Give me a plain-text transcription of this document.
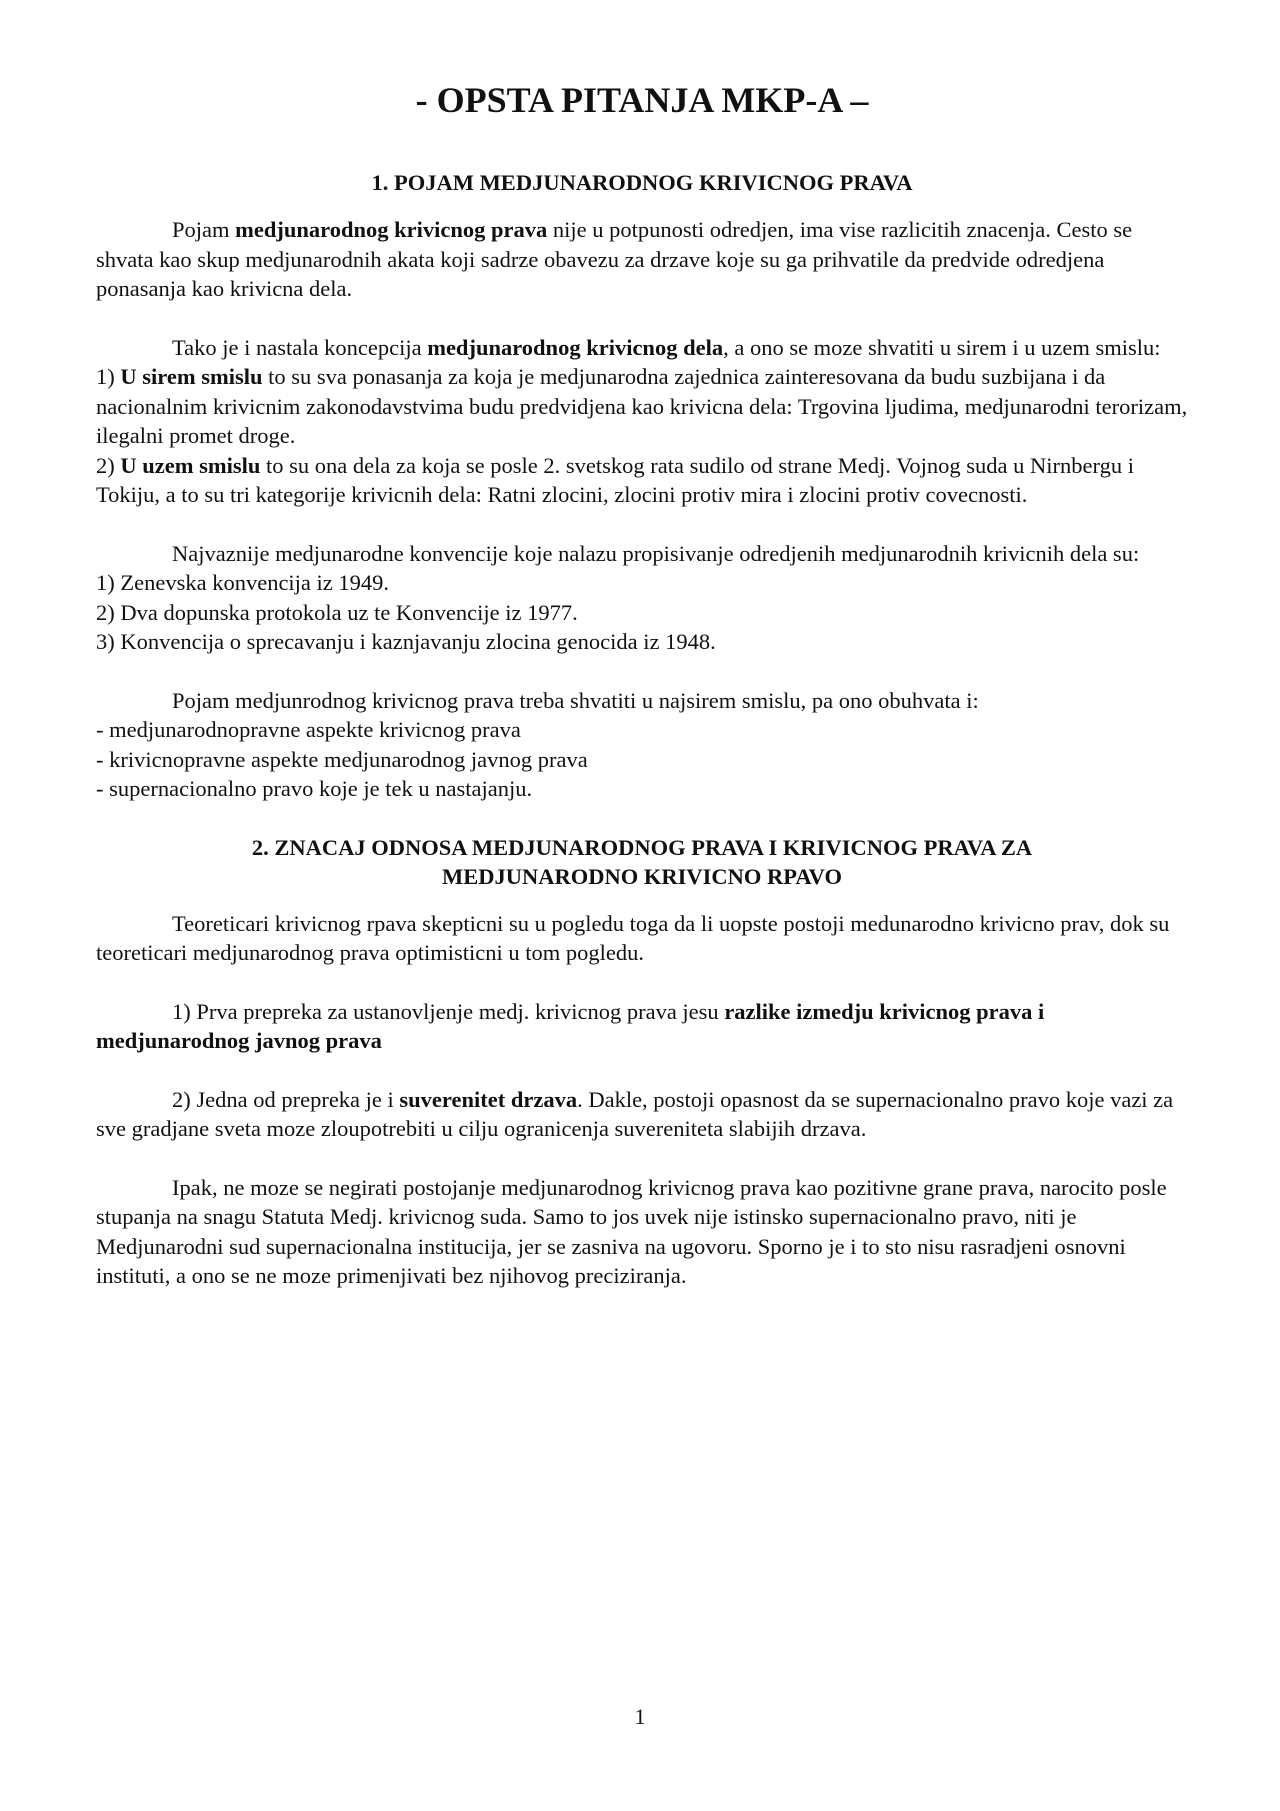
- OPSTA PITANJA MKP-A –
1. POJAM MEDJUNARODNOG KRIVICNOG PRAVA

Pojam medjunarodnog krivicnog prava nije u potpunosti odredjen, ima vise razlicitih znacenja. Cesto se shvata kao skup medjunarodnih akata koji sadrze obavezu za drzave koje su ga prihvatile da predvide odredjena ponasanja kao krivicna dela.

Tako je i nastala koncepcija medjunarodnog krivicnog dela, a ono se moze shvatiti u sirem i u uzem smislu:
1) U sirem smislu to su sva ponasanja za koja je medjunarodna zajednica zainteresovana da budu suzbijana i da nacionalnim krivicnim zakonodavstvima budu predvidjena kao krivicna dela: Trgovina ljudima, medjunarodni terorizam, ilegalni promet droge.
2) U uzem smislu to su ona dela za koja se posle 2. svetskog rata sudilo od strane Medj. Vojnog suda u Nirnbergu i Tokiju, a to su tri kategorije krivicnih dela: Ratni zlocini, zlocini protiv mira i zlocini protiv covecnosti.

Najvaznije medjunarodne konvencije koje nalazu propisivanje odredjenih medjunarodnih krivicnih dela su:
1) Zenevska konvencija iz 1949.
2) Dva dopunska protokola uz te Konvencije iz 1977.
3) Konvencija o sprecavanju i kaznjavanju zlocina genocida iz 1948.

Pojam medjunrodnog krivicnog prava treba shvatiti u najsirem smislu, pa ono obuhvata i:
- medjunarodnopravne aspekte krivicnog prava
- krivicnopravne aspekte medjunarodnog javnog prava
- supernacionalno pravo koje je tek u nastajanju.

2. ZNACAJ ODNOSA MEDJUNARODNOG PRAVA I KRIVICNOG PRAVA ZA
MEDJUNARODNO KRIVICNO RPAVO

Teoreticari krivicnog rpava skepticni su u pogledu toga da li uopste postoji medunarodno krivicno prav, dok su teoreticari medjunarodnog prava optimisticni u tom pogledu.

1) Prva prepreka za ustanovljenje medj. krivicnog prava jesu razlike izmedju krivicnog prava i medjunarodnog javnog prava

2) Jedna od prepreka je i suverenitet drzava. Dakle, postoji opasnost da se supernacionalno pravo koje vazi za sve gradjane sveta moze zloupotrebiti u cilju ogranicenja suvereniteta slabijih drzava.

Ipak, ne moze se negirati postojanje medjunarodnog krivicnog prava kao pozitivne grane prava, narocito posle stupanja na snagu Statuta Medj. krivicnog suda. Samo to jos uvek nije istinsko supernacionalno pravo, niti je Medjunarodni sud supernacionalna institucija, jer se zasniva na ugovoru. Sporno je i to sto nisu rasradjeni osnovni instituti, a ono se ne moze primenjivati bez njihovog preciziranja.

1
